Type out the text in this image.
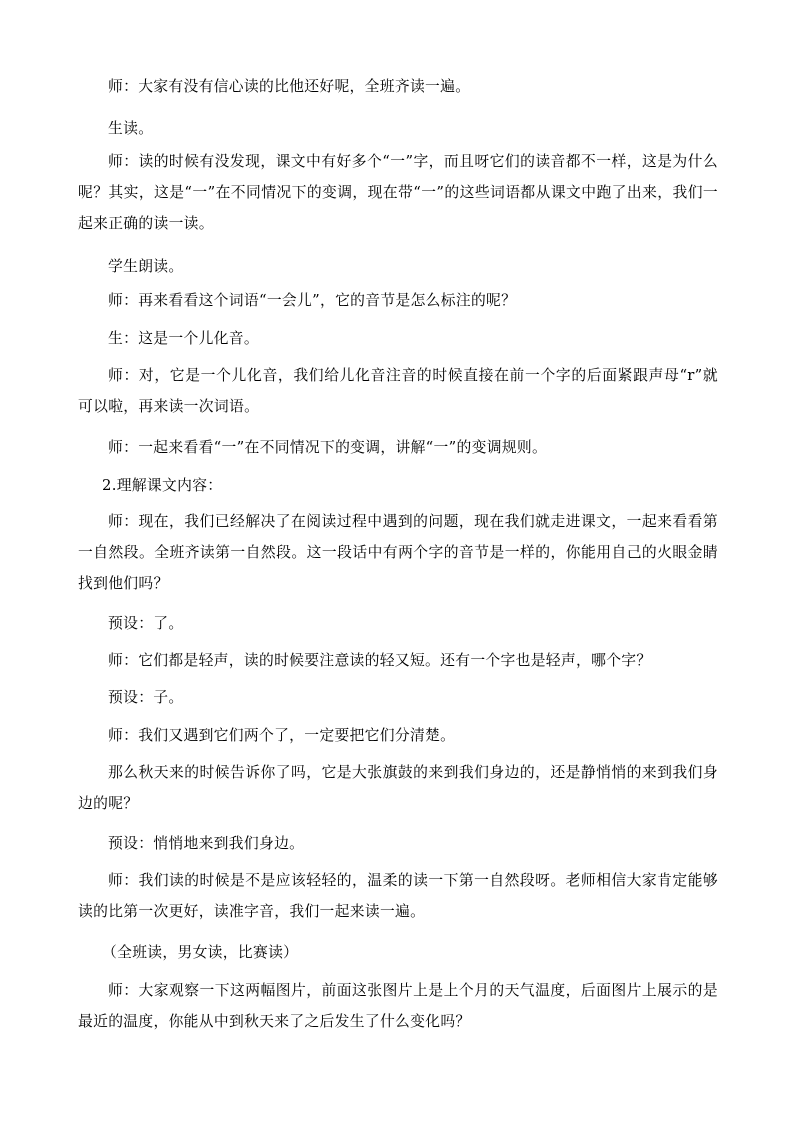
师：大家有没有信心读的比他还好呢，全班齐读一遍。

生读。

师：读的时候有没发现，课文中有好多个“一”字，而且呀它们的读音都不一样，这是为什么呢？其实，这是“一”在不同情况下的变调，现在带“一”的这些词语都从课文中跑了出来，我们一起来正确的读一读。

学生朗读。

师：再来看看这个词语“一会儿”，它的音节是怎么标注的呢？

生：这是一个儿化音。

师：对，它是一个儿化音，我们给儿化音注音的时候直接在前一个字的后面紧跟声母“r”就可以啦，再来读一次词语。

师：一起来看看“一”在不同情况下的变调，讲解“一”的变调规则。

2.理解课文内容：

师：现在，我们已经解决了在阅读过程中遇到的问题，现在我们就走进课文，一起来看看第一自然段。全班齐读第一自然段。这一段话中有两个字的音节是一样的，你能用自己的火眼金睛找到他们吗？

预设：了。

师：它们都是轻声，读的时候要注意读的轻又短。还有一个字也是轻声，哪个字？

预设：子。

师：我们又遇到它们两个了，一定要把它们分清楚。

那么秋天来的时候告诉你了吗，它是大张旗鼓的来到我们身边的，还是静悄悄的来到我们身边的呢？

预设：悄悄地来到我们身边。

师：我们读的时候是不是应该轻轻的，温柔的读一下第一自然段呀。老师相信大家肯定能够读的比第一次更好，读准字音，我们一起来读一遍。

（全班读，男女读，比赛读）

师：大家观察一下这两幅图片，前面这张图片上是上个月的天气温度，后面图片上展示的是最近的温度，你能从中到秋天来了之后发生了什么变化吗？
